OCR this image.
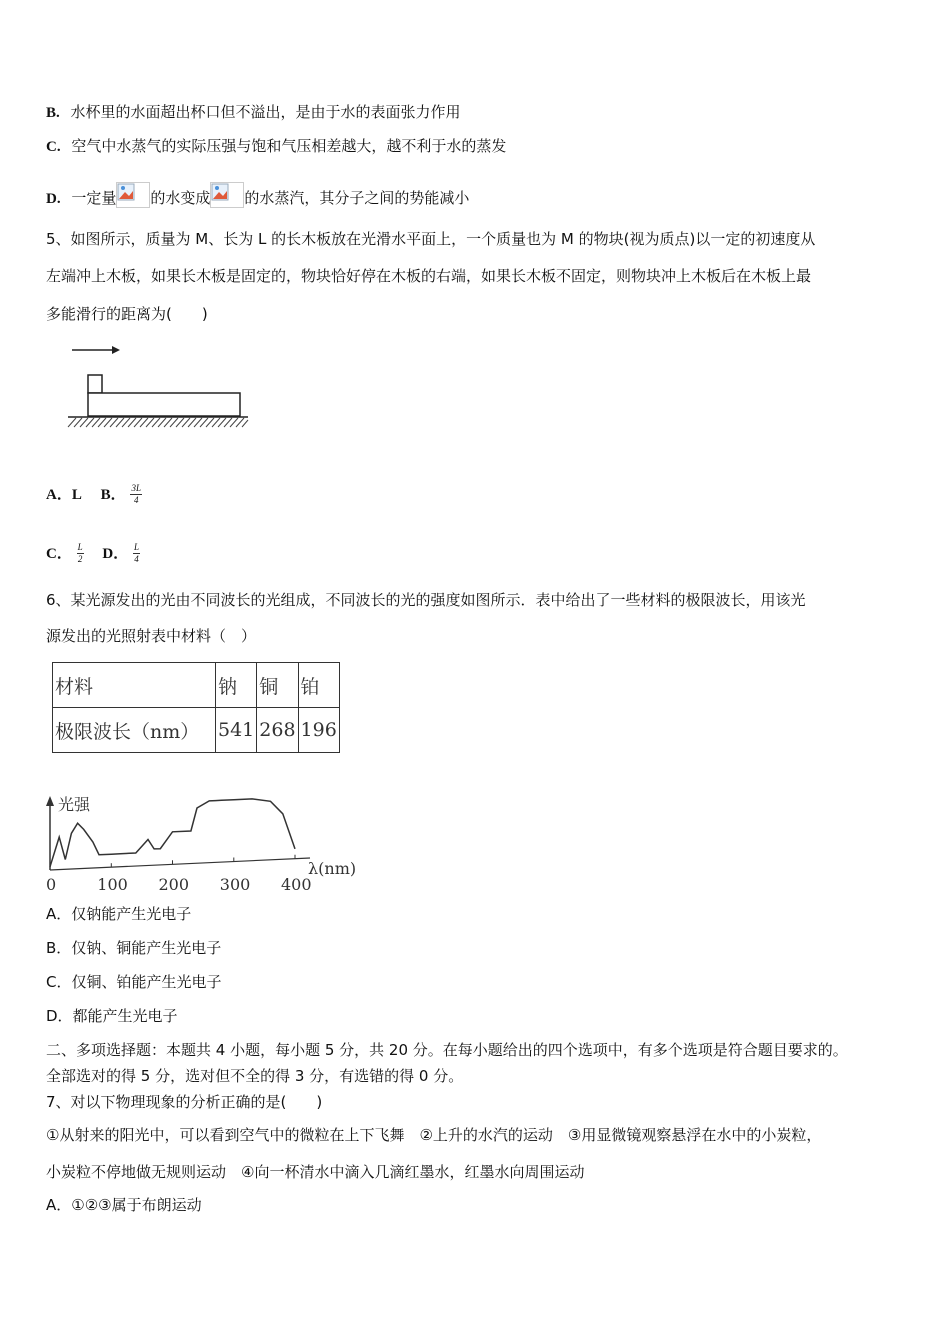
B. 水杯里的水面超出杯口但不溢出，是由于水的表面张力作用
C. 空气中水蒸气的实际压强与饱和气压相差越大，越不利于水的蒸发
D. 一定量 的水变成 的水蒸汽，其分子之间的势能减小
5、如图所示，质量为 M、长为 L 的长木板放在光滑水平面上，一个质量也为 M 的物块(视为质点)以一定的初速度从
左端冲上木板，如果长木板是固定的，物块恰好停在木板的右端，如果长木板不固定，则物块冲上木板后在木板上最
多能滑行的距离为(　　)
A．L B． $\frac{3L}{4}$
C． $\frac{L}{2}$ D． $\frac{L}{4}$
6、某光源发出的光由不同波长的光组成，不同波长的光的强度如图所示．表中给出了一些材料的极限波长，用该光
源发出的光照射表中材料（　）
材料	钠	铜	铂
极限波长（nm）	541	268	196
光强
λ(nm)
0	100 200 300 400
A．仅钠能产生光电子
B．仅钠、铜能产生光电子
C．仅铜、铂能产生光电子
D．都能产生光电子
二、多项选择题：本题共 4 小题，每小题 5 分，共 20 分。在每小题给出的四个选项中，有多个选项是符合题目要求的。
全部选对的得 5 分，选对但不全的得 3 分，有选错的得 0 分。
7、对以下物理现象的分析正确的是(　　)
①从射来的阳光中，可以看到空气中的微粒在上下飞舞　②上升的水汽的运动　③用显微镜观察悬浮在水中的小炭粒，
小炭粒不停地做无规则运动　④向一杯清水中滴入几滴红墨水，红墨水向周围运动
A．①②③属于布朗运动
